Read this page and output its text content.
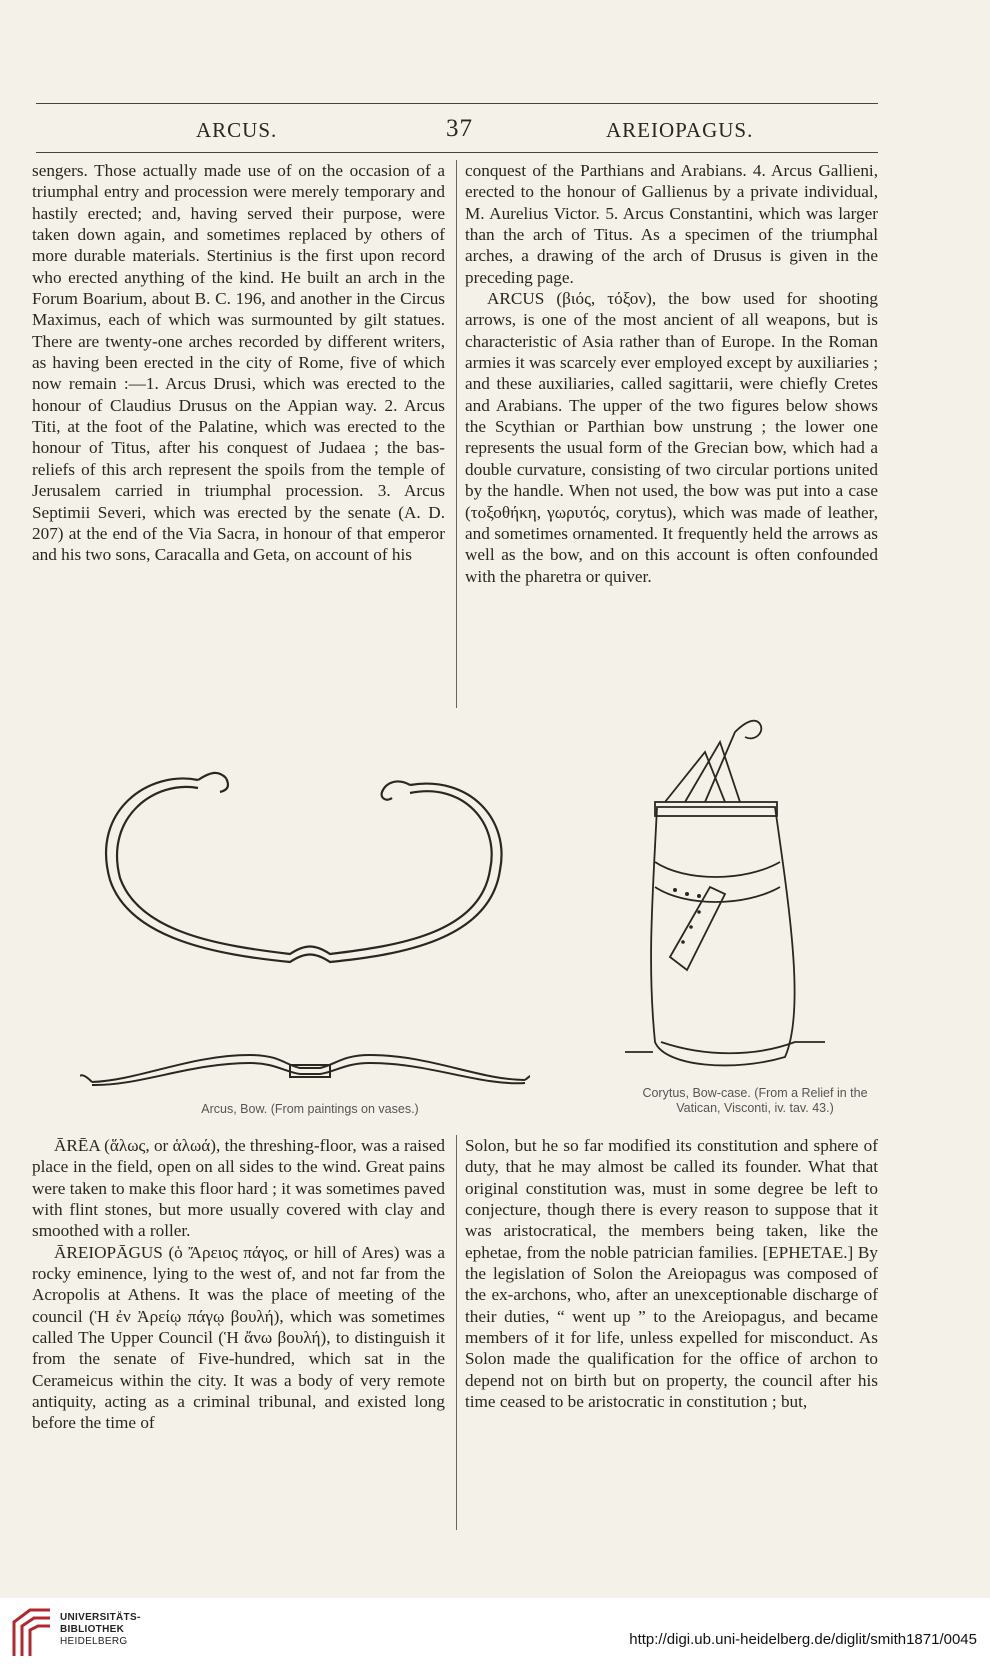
ARCUS.	37	AREIOPAGUS.

sengers. Those actually made use of on the occasion of a triumphal entry and procession were merely temporary and hastily erected; and, having served their purpose, were taken down again, and sometimes replaced by others of more durable materials. Stertinius is the first upon record who erected anything of the kind. He built an arch in the Forum Boarium, about B. C. 196, and another in the Circus Maximus, each of which was surmounted by gilt statues. There are twenty-one arches recorded by different writers, as having been erected in the city of Rome, five of which now remain :—1. Arcus Drusi, which was erected to the honour of Claudius Drusus on the Appian way. 2. Arcus Titi, at the foot of the Palatine, which was erected to the honour of Titus, after his conquest of Judaea ; the bas-reliefs of this arch represent the spoils from the temple of Jerusalem carried in triumphal procession. 3. Arcus Septimii Severi, which was erected by the senate (A. D. 207) at the end of the Via Sacra, in honour of that emperor and his two sons, Caracalla and Geta, on account of his

conquest of the Parthians and Arabians. 4. Arcus Gallieni, erected to the honour of Gallienus by a private individual, M. Aurelius Victor. 5. Arcus Constantini, which was larger than the arch of Titus. As a specimen of the triumphal arches, a drawing of the arch of Drusus is given in the preceding page.

ARCUS (βιός, τόξον), the bow used for shooting arrows, is one of the most ancient of all weapons, but is characteristic of Asia rather than of Europe. In the Roman armies it was scarcely ever employed except by auxiliaries ; and these auxiliaries, called sagittarii, were chiefly Cretes and Arabians. The upper of the two figures below shows the Scythian or Parthian bow unstrung ; the lower one represents the usual form of the Grecian bow, which had a double curvature, consisting of two circular portions united by the handle. When not used, the bow was put into a case (τοξοθήκη, γωρυτός, corytus), which was made of leather, and sometimes ornamented. It frequently held the arrows as well as the bow, and on this account is often confounded with the pharetra or quiver.

Arcus, Bow. (From paintings on vases.)
Corytus, Bow-case. (From a Relief in the
Vatican, Visconti, iv. tav. 43.)

ĀRĒA (ἅλως, or ἁλωά), the threshing-floor, was a raised place in the field, open on all sides to the wind. Great pains were taken to make this floor hard ; it was sometimes paved with flint stones, but more usually covered with clay and smoothed with a roller.

ĀREIOPĀGUS (ὁ Ἄρειος πάγος, or hill of Ares) was a rocky eminence, lying to the west of, and not far from the Acropolis at Athens. It was the place of meeting of the council (Ἡ ἐν Ἀρείῳ πάγῳ βουλή), which was sometimes called The Upper Council (Ἡ ἄνω βουλή), to distinguish it from the senate of Five-hundred, which sat in the Cerameicus within the city. It was a body of very remote antiquity, acting as a criminal tribunal, and existed long before the time of

Solon, but he so far modified its constitution and sphere of duty, that he may almost be called its founder. What that original constitution was, must in some degree be left to conjecture, though there is every reason to suppose that it was aristocratical, the members being taken, like the ephetae, from the noble patrician families. [EPHETAE.] By the legislation of Solon the Areiopagus was composed of the ex-archons, who, after an unexceptionable discharge of their duties, “ went up ” to the Areiopagus, and became members of it for life, unless expelled for misconduct. As Solon made the qualification for the office of archon to depend not on birth but on property, the council after his time ceased to be aristocratic in constitution ; but,

UNIVERSITÄTS-
BIBLIOTHEK
HEIDELBERG	http://digi.ub.uni-heidelberg.de/diglit/smith1871/0045
